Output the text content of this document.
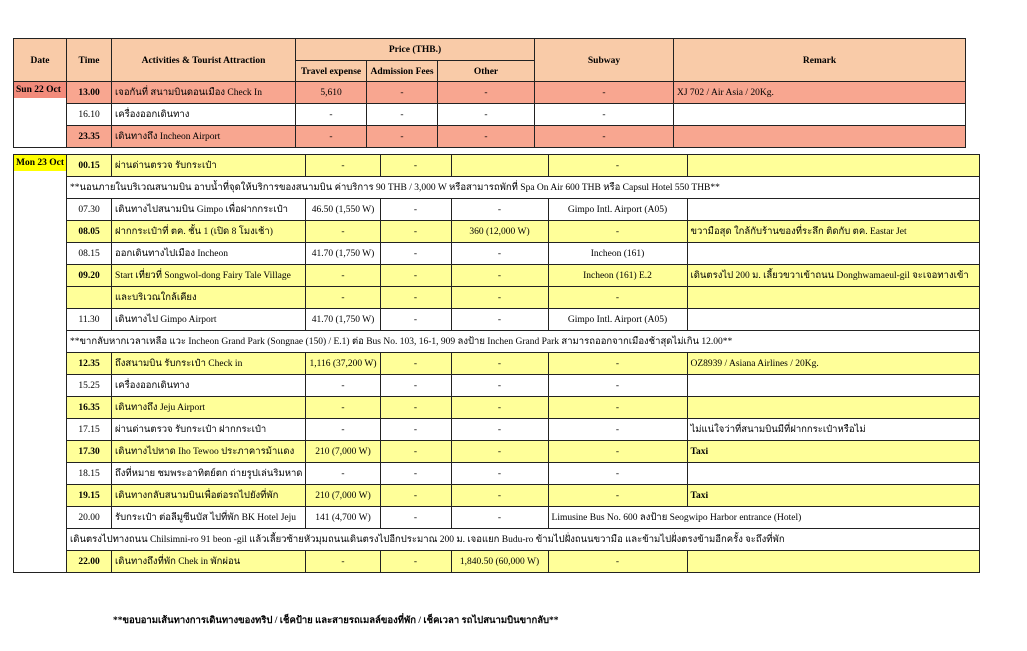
Date	Time	Activities & Tourist Attraction	Price (THB.)			Subway	Remark
			Travel expense	Admission Fees	Other		
Sun 22 Oct	13.00	เจอกันที่ สนามบินดอนเมือง Check In	5,610	-	-	-	XJ 702 / Air Asia / 20Kg.
	16.10	เครื่องออกเดินทาง	-	-	-	-	
	23.35	เดินทางถึง Incheon Airport	-	-	-	-	
Mon 23 Oct	00.15	ผ่านด่านตรวจ รับกระเป๋า	-	-		-	
	**นอนภายในบริเวณสนามบิน อาบน้ำที่จุดให้บริการของสนามบิน ค่าบริการ 90 THB / 3,000 W หรือสามารถพักที่ Spa On Air 600 THB หรือ Capsul Hotel 550 THB**						
	07.30	เดินทางไปสนามบิน Gimpo เพื่อฝากกระเป๋า	46.50 (1,550 W)	-	-	Gimpo Intl. Airport (A05)	
	08.05	ฝากกระเป๋าที่ ตค. ชั้น 1 (เปิด 8 โมงเช้า)	-	-	360 (12,000 W)	-	ขวามือสุด ใกล้กับร้านของที่ระลึก ติดกับ ตค. Eastar Jet
	08.15	ออกเดินทางไปเมือง Incheon	41.70 (1,750 W)	-	-	Incheon (161)	
	09.20	Start เที่ยวที่ Songwol-dong Fairy Tale Village	-	-	-	Incheon (161) E.2	เดินตรงไป 200 ม. เลี้ยวขวาเข้าถนน Donghwamaeul-gil จะเจอทางเข้า
		และบริเวณใกล้เคียง	-	-	-	-	
	11.30	เดินทางไป Gimpo Airport	41.70 (1,750 W)	-	-	Gimpo Intl. Airport (A05)	
	**ขากลับหากเวลาเหลือ แวะ Incheon Grand Park (Songnae (150) / E.1) ต่อ Bus No. 103, 16-1, 909 ลงป้าย Inchen Grand Park สามารถออกจากเมืองช้าสุดไม่เกิน 12.00**						
	12.35	ถึงสนามบิน รับกระเป๋า Check in	1,116 (37,200 W)	-	-	-	OZ8939 / Asiana Airlines / 20Kg.
	15.25	เครื่องออกเดินทาง	-	-	-	-	
	16.35	เดินทางถึง Jeju Airport	-	-	-	-	
	17.15	ผ่านด่านตรวจ รับกระเป๋า ฝากกระเป๋า	-	-	-	-	ไม่แน่ใจว่าที่สนามบินมีที่ฝากกระเป๋าหรือไม่
	17.30	เดินทางไปหาด Iho Tewoo ประภาคารม้าแดง	210 (7,000 W)	-	-	-	Taxi
	18.15	ถึงที่หมาย ชมพระอาทิตย์ตก ถ่ายรูปเล่นริมหาด	-	-	-	-	
	19.15	เดินทางกลับสนามบินเพื่อต่อรถไปยังที่พัก	210 (7,000 W)	-	-	-	Taxi
	20.00	รับกระเป๋า ต่อลีมูซีนบัส ไปที่พัก BK Hotel Jeju	141 (4,700 W)	-	-	Limusine Bus No. 600 ลงป้าย Seogwipo Harbor entrance (Hotel)	
	เดินตรงไปทางถนน Chilsimni-ro 91 beon -gil แล้วเลี้ยวซ้ายหัวมุมถนนเดินตรงไปอีกประมาณ 200 ม. เจอแยก Budu-ro ข้ามไปฝั่งถนนขวามือ และข้ามไปฝั่งตรงข้ามอีกครั้ง จะถึงที่พัก						
	22.00	เดินทางถึงที่พัก Chek in พักผ่อน	-	-	1,840.50 (60,000 W)	-	
**ขอบอามเส้นทางการเดินทางของทริป / เช็คป้าย และสายรถเมลล์ของที่พัก / เช็คเวลา รถไปสนามบินขากลับ**
